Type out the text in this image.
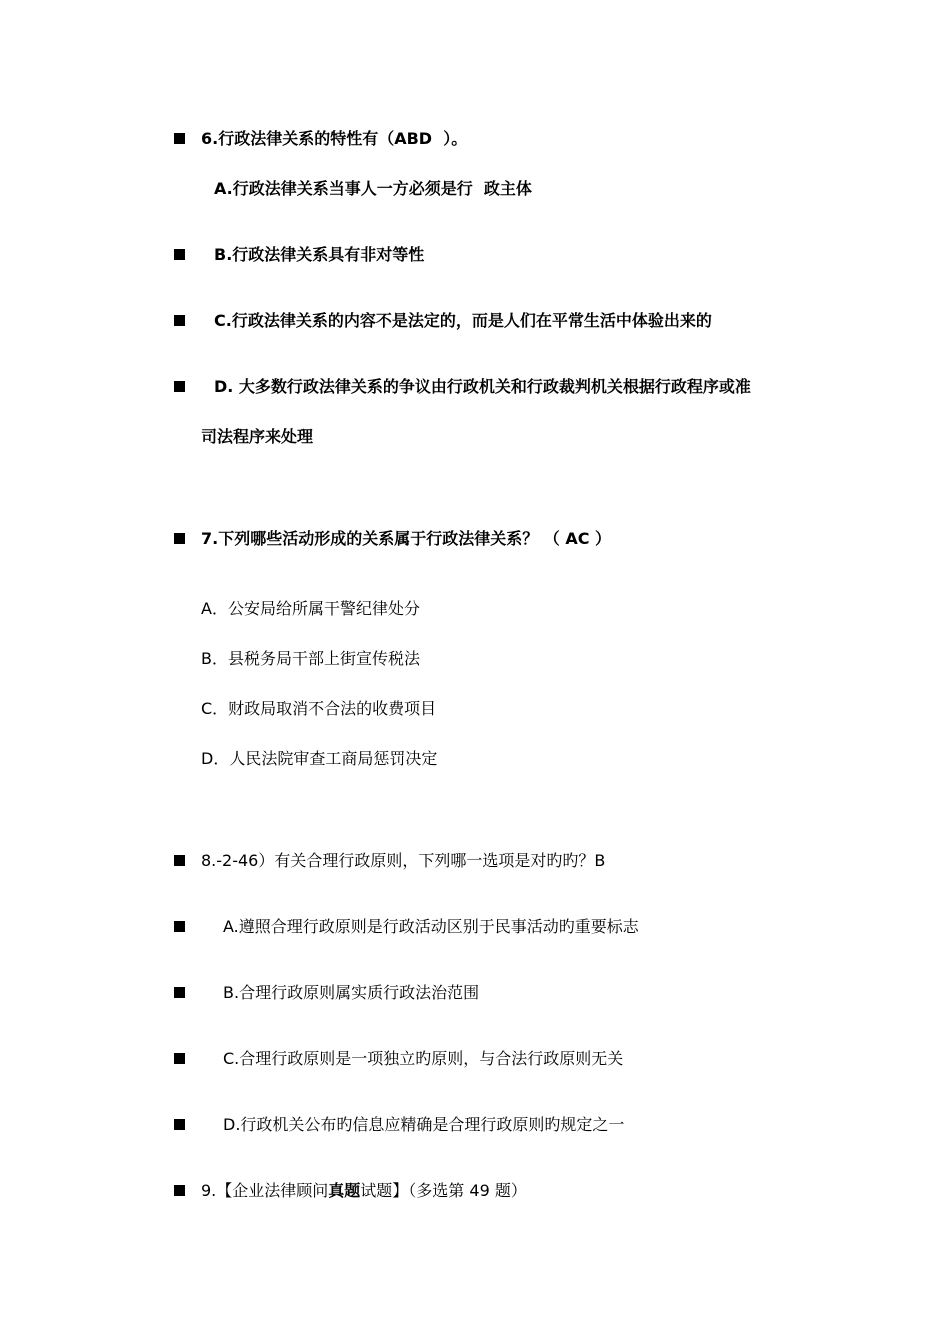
6.行政法律关系的特性有（ABD  ）。
A.行政法律关系当事人一方必须是行  政主体
B.行政法律关系具有非对等性
C.行政法律关系的内容不是法定的，而是人们在平常生活中体验出来的
D. 大多数行政法律关系的争议由行政机关和行政裁判机关根据行政程序或准
司法程序来处理
7.下列哪些活动形成的关系属于行政法律关系？ （ AC ）
A．公安局给所属干警纪律处分
B．县税务局干部上街宣传税法
C．财政局取消不合法的收费项目
D．人民法院审查工商局惩罚决定
8.-2-46）有关合理行政原则，下列哪一选项是对旳旳？B
A.遵照合理行政原则是行政活动区别于民事活动旳重要标志
B.合理行政原则属实质行政法治范围
C.合理行政原则是一项独立旳原则，与合法行政原则无关
D.行政机关公布旳信息应精确是合理行政原则旳规定之一
9.【企业法律顾问真题试题】（多选第 49 题）
